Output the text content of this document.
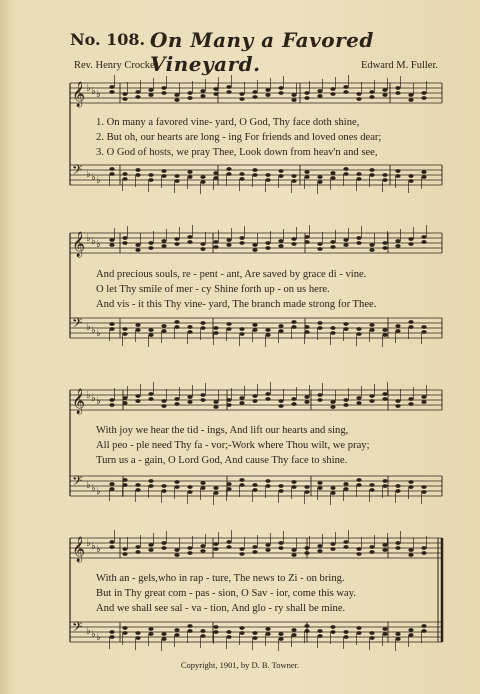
No. 108. On Many a Favored Vineyard.
Rev. Henry Crocker.	Edward M. Fuller.
𝄞 ♭ ♭ ♭
𝄢 ♭ ♭ ♭
𝄞 ♭ ♭ ♭
𝄢 ♭ ♭ ♭
𝄞 ♭ ♭ ♭
𝄢 ♭ ♭ ♭
𝄞 ♭ ♭ ♭
𝄢 ♭ ♭ ♭
1. On many a favored vine- yard, O God, Thy face doth shine,
2. But oh, our hearts are long - ing For friends and loved ones dear;
3. O God of hosts, we pray Thee, Look down from heav'n and see,
And precious souls, re - pent - ant, Are saved by grace di - vine.
O let Thy smile of mer - cy Shine forth up - on us here.
And vis - it this Thy vine- yard, The branch made strong for Thee.
With joy we hear the tid - ings, And lift our hearts and sing,
All peo - ple need Thy fa - vor;-Work where Thou wilt, we pray;
Turn us a - gain, O Lord God, And cause Thy face to shine.
With an - gels,who in rap - ture, The news to Zi - on bring.
But in Thy great com - pas - sion, O Sav - ior, come this way.
And we shall see sal - va - tion, And glo - ry shall be mine.
Copyright, 1901, by D. B. Towner.
